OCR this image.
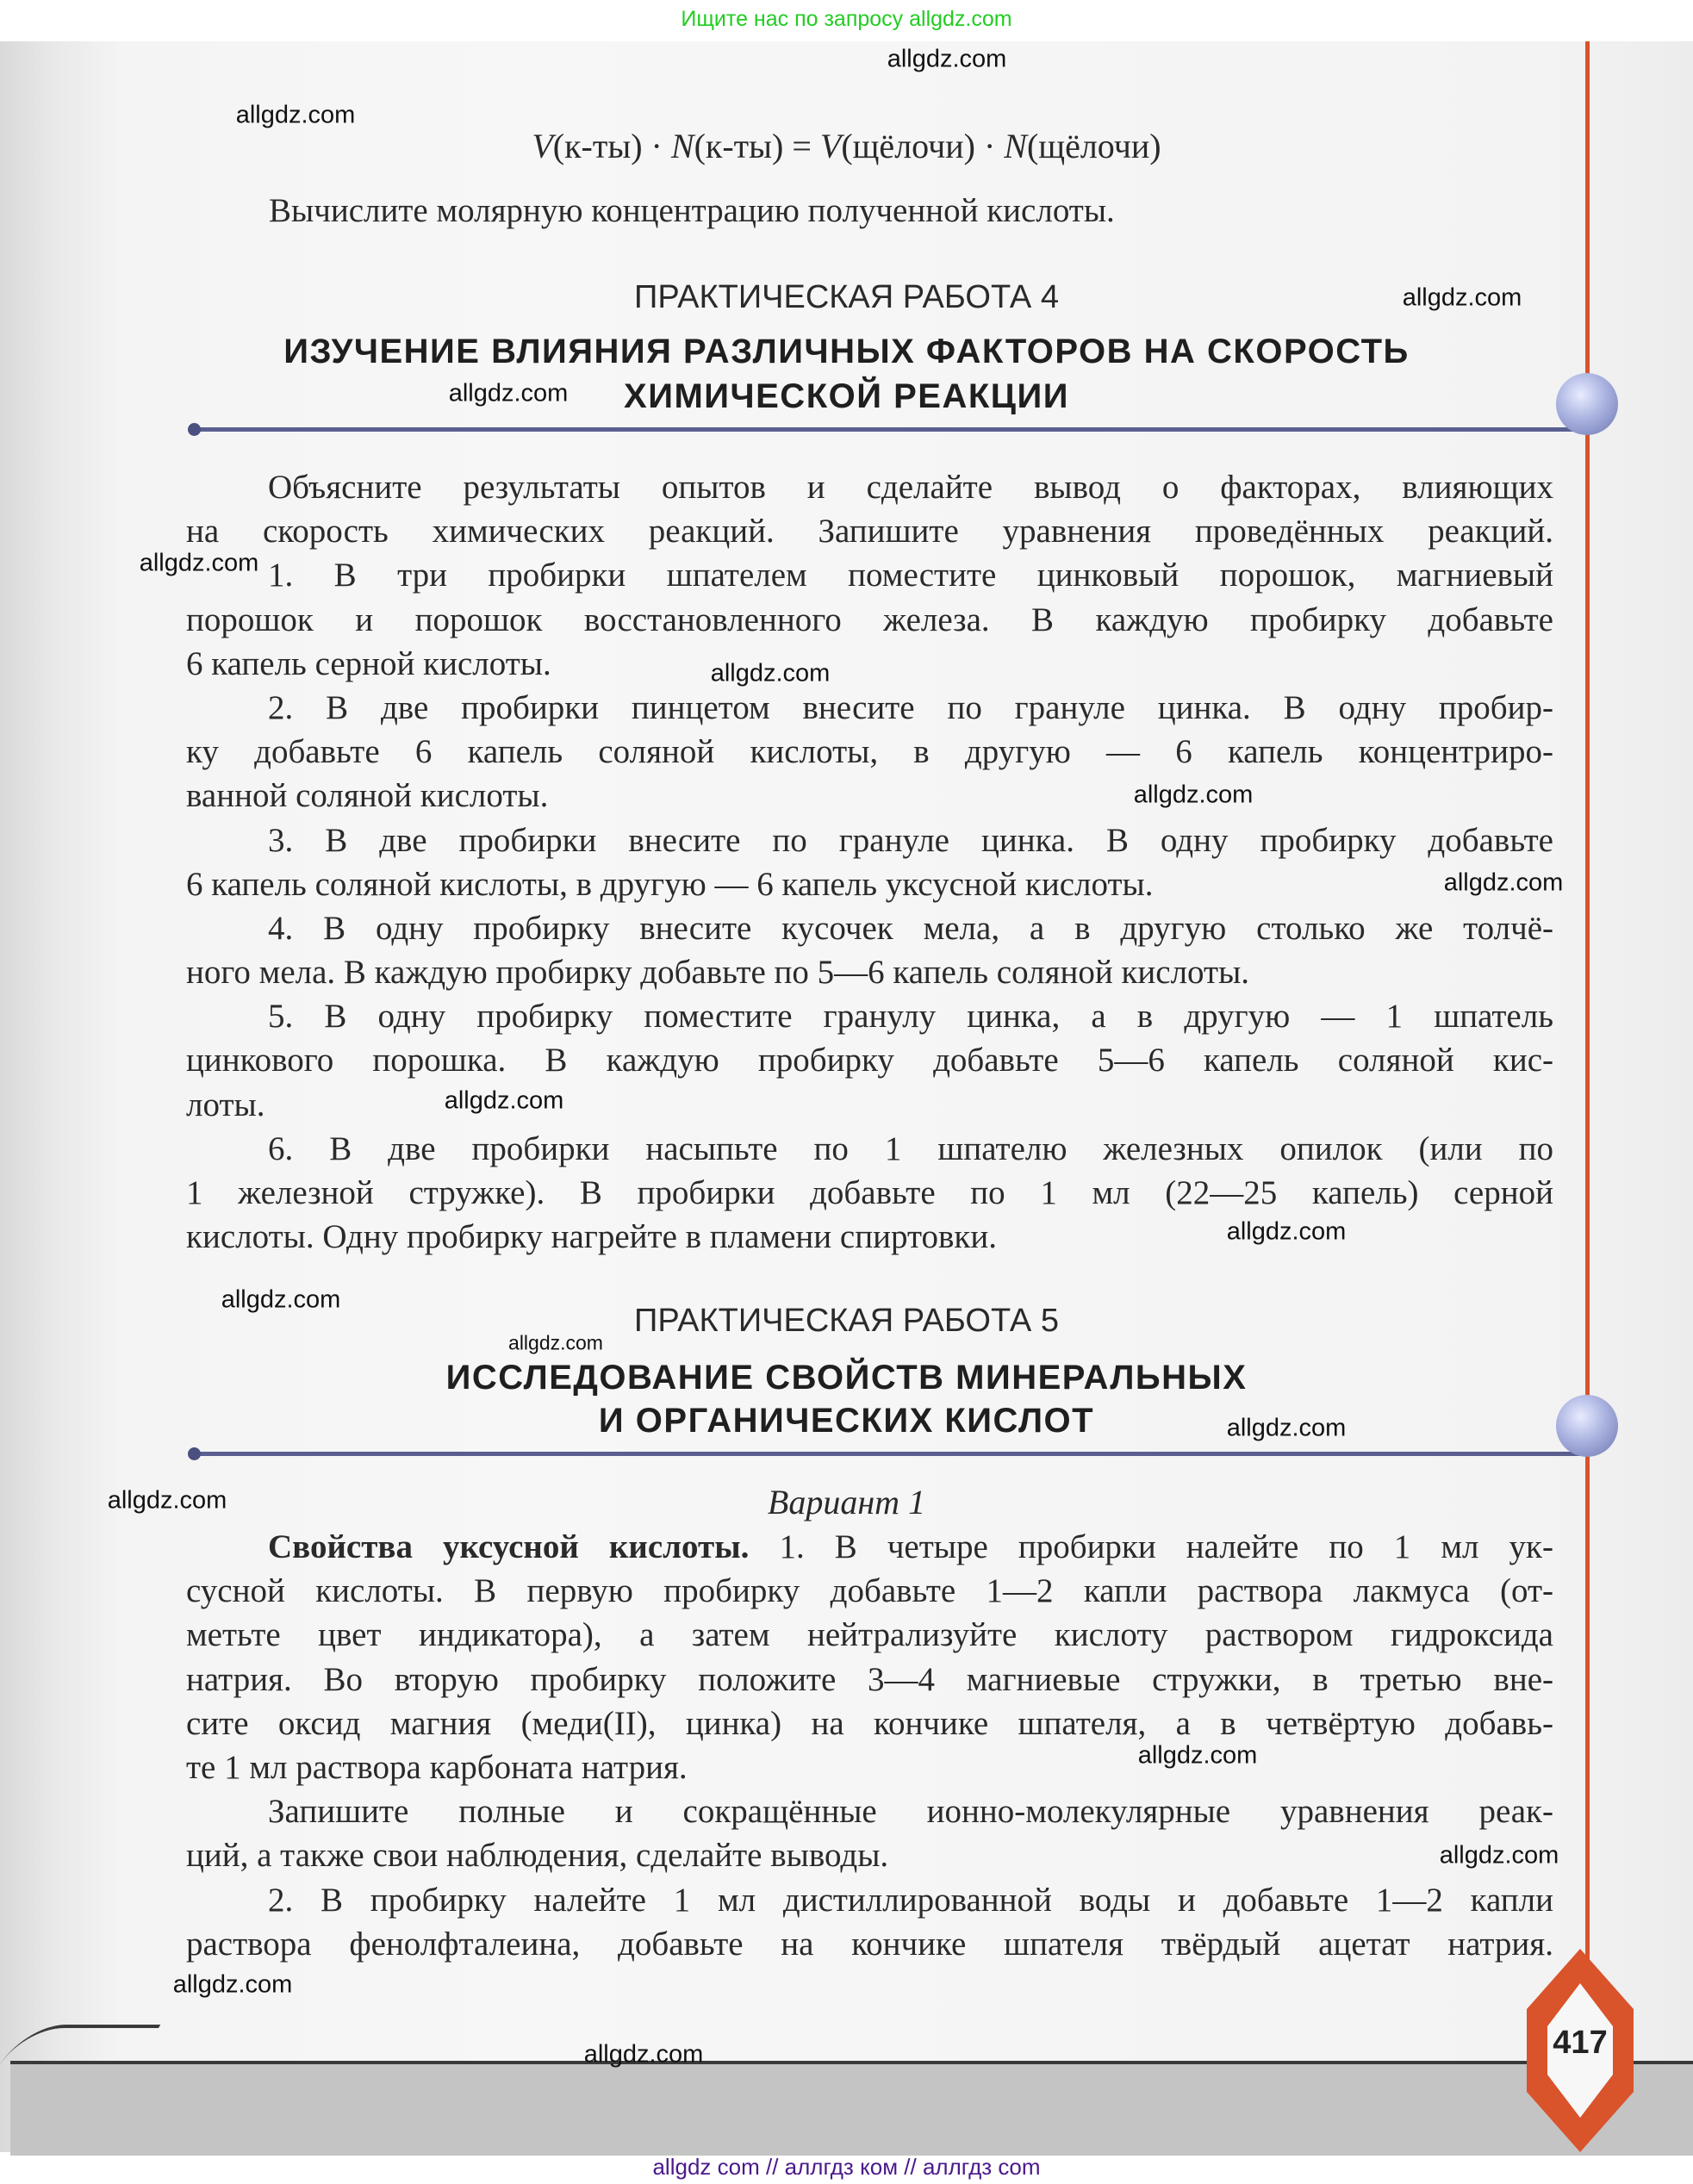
Ищите нас по запросу allgdz.com
V(к-ты) · N(к-ты) = V(щёлочи) · N(щёлочи)
Вычислите молярную концентрацию полученной кислоты.
ПРАКТИЧЕСКАЯ РАБОТА 4
ИЗУЧЕНИЕ ВЛИЯНИЯ РАЗЛИЧНЫХ ФАКТОРОВ НА СКОРОСТЬ
ХИМИЧЕСКОЙ РЕАКЦИИ
Объясните результаты опытов и сделайте вывод о факторах, влияющих
на скорость химических реакций. Запишите уравнения проведённых реакций.
1. В три пробирки шпателем поместите цинковый порошок, магниевый
порошок и порошок восстановленного железа. В каждую пробирку добавьте
6 капель серной кислоты.
2. В две пробирки пинцетом внесите по грануле цинка. В одну пробир-
ку добавьте 6 капель соляной кислоты, в другую — 6 капель концентриро-
ванной соляной кислоты.
3. В две пробирки внесите по грануле цинка. В одну пробирку добавьте
6 капель соляной кислоты, в другую — 6 капель уксусной кислоты.
4. В одну пробирку внесите кусочек мела, а в другую столько же толчё-
ного мела. В каждую пробирку добавьте по 5—6 капель соляной кислоты.
5. В одну пробирку поместите гранулу цинка, а в другую — 1 шпатель
цинкового порошка. В каждую пробирку добавьте 5—6 капель соляной кис-
лоты.
6. В две пробирки насыпьте по 1 шпателю железных опилок (или по
1 железной стружке). В пробирки добавьте по 1 мл (22—25 капель) серной
кислоты. Одну пробирку нагрейте в пламени спиртовки.
ПРАКТИЧЕСКАЯ РАБОТА 5
ИССЛЕДОВАНИЕ СВОЙСТВ МИНЕРАЛЬНЫХ
И ОРГАНИЧЕСКИХ КИСЛОТ
Вариант 1
Свойства уксусной кислоты. 1. В четыре пробирки налейте по 1 мл ук-
сусной кислоты. В первую пробирку добавьте 1—2 капли раствора лакмуса (от-
метьте цвет индикатора), а затем нейтрализуйте кислоту раствором гидроксида
натрия. Во вторую пробирку положите 3—4 магниевые стружки, в третью вне-
сите оксид магния (меди(II), цинка) на кончике шпателя, а в четвёртую добавь-
те 1 мл раствора карбоната натрия.
Запишите полные и сокращённые ионно-молекулярные уравнения реак-
ций, а также свои наблюдения, сделайте выводы.
2. В пробирку налейте 1 мл дистиллированной воды и добавьте 1—2 капли
раствора фенолфталеина, добавьте на кончике шпателя твёрдый ацетат натрия.
417
allgdz.com
allgdz.com
allgdz.com
allgdz.com
allgdz.com
allgdz.com
allgdz.com
allgdz.com
allgdz.com
allgdz.com
allgdz.com
allgdz.com
allgdz.com
allgdz.com
allgdz.com
allgdz.com
allgdz.com
allgdz.com
allgdz com // аллгдз ком // аллгдз com
